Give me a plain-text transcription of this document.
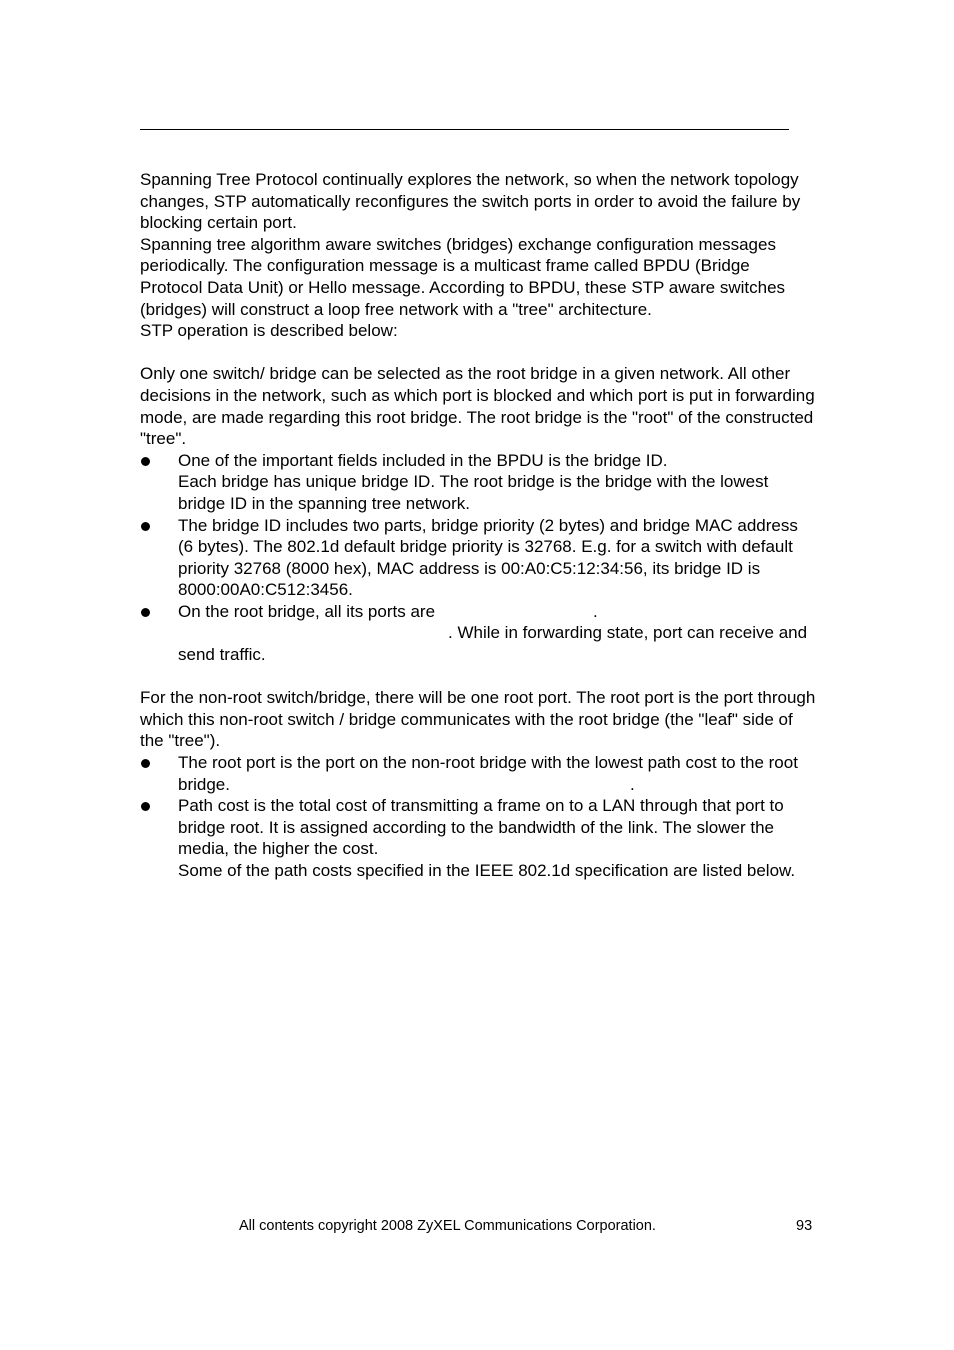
Spanning Tree Protocol continually explores the network, so when the network topology changes, STP automatically reconfigures the switch ports in order to avoid the failure by blocking certain port.

Spanning tree algorithm aware switches (bridges) exchange configuration messages periodically. The configuration message is a multicast frame called BPDU (Bridge Protocol Data Unit) or Hello message. According to BPDU, these STP aware switches (bridges) will construct a loop free network with a "tree" architecture.

STP operation is described below:

Only one switch/ bridge can be selected as the root bridge in a given network. All other decisions in the network, such as which port is blocked and which port is put in forwarding mode, are made regarding this root bridge. The root bridge is the "root" of the constructed "tree".

One of the important fields included in the BPDU is the bridge ID.
Each bridge has unique bridge ID. The root bridge is the bridge with the lowest bridge ID in the spanning tree network.
The bridge ID includes two parts, bridge priority (2 bytes) and bridge MAC address (6 bytes). The 802.1d default bridge priority is 32768. E.g. for a switch with default priority 32768 (8000 hex), MAC address is 00:A0:C5:12:34:56, its bridge ID is 8000:00A0:C512:3456.
On the root bridge, all its ports are	.
. While in forwarding state, port can receive and send traffic.

For the non-root switch/bridge, there will be one root port. The root port is the port through which this non-root switch / bridge communicates with the root bridge (the "leaf" side of the "tree").

The root port is the port on the non-root bridge with the lowest path cost to the root bridge.	.
Path cost is the total cost of transmitting a frame on to a LAN through that port to bridge root. It is assigned according to the bandwidth of the link. The slower the media, the higher the cost.
Some of the path costs specified in the IEEE 802.1d specification are listed below.
All contents copyright 2008 ZyXEL Communications Corporation.	93
